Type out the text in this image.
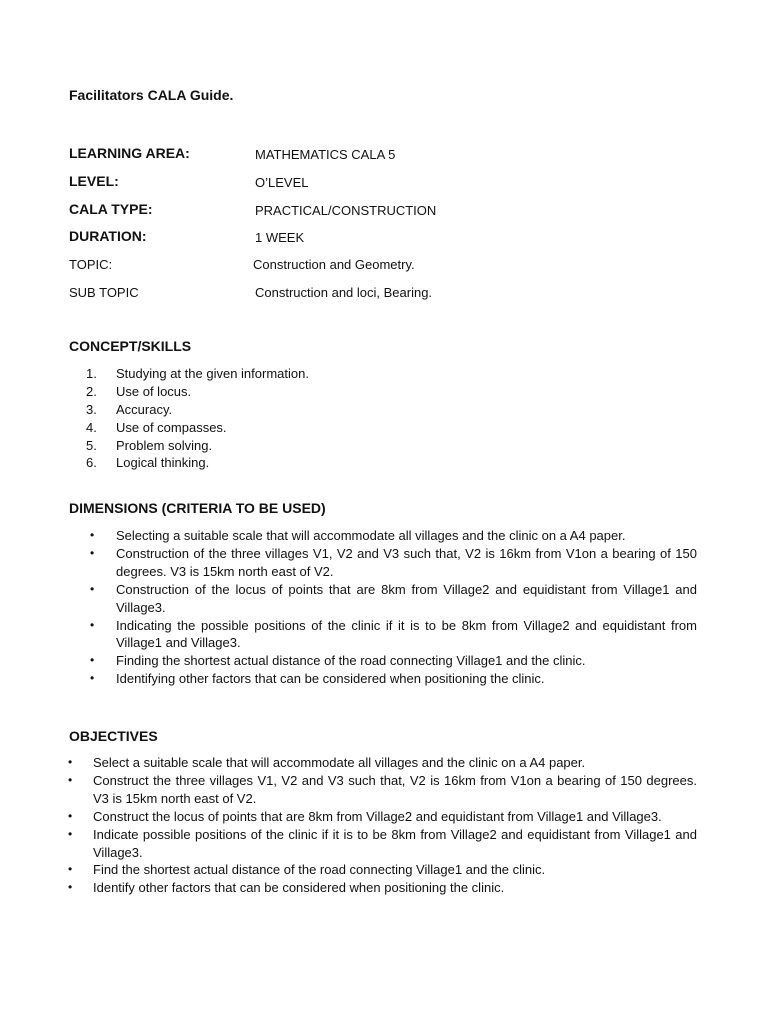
Facilitators CALA Guide.
LEARNING AREA:	MATHEMATICS CALA 5
LEVEL:	O’LEVEL
CALA TYPE:	PRACTICAL/CONSTRUCTION
DURATION:	1 WEEK
TOPIC:	Construction and Geometry.
SUB TOPIC	Construction and loci, Bearing.
CONCEPT/SKILLS
1. Studying at the given information.
2. Use of locus.
3. Accuracy.
4. Use of compasses.
5. Problem solving.
6. Logical thinking.
DIMENSIONS (CRITERIA TO BE USED)
• Selecting a suitable scale that will accommodate all villages and the clinic on a A4 paper.
• Construction of the three villages V1, V2 and V3 such that, V2 is 16km from V1on a bearing of 150 degrees. V3 is 15km north east of V2.
• Construction of the locus of points that are 8km from Village2 and equidistant from Village1 and Village3.
• Indicating the possible positions of the clinic if it is to be 8km from Village2 and equidistant from Village1 and Village3.
• Finding the shortest actual distance of the road connecting Village1 and the clinic.
• Identifying other factors that can be considered when positioning the clinic.
OBJECTIVES
• Select a suitable scale that will accommodate all villages and the clinic on a A4 paper.
• Construct the three villages V1, V2 and V3 such that, V2 is 16km from V1on a bearing of 150 degrees. V3 is 15km north east of V2.
• Construct the locus of points that are 8km from Village2 and equidistant from Village1 and Village3.
• Indicate possible positions of the clinic if it is to be 8km from Village2 and equidistant from Village1 and Village3.
• Find the shortest actual distance of the road connecting Village1 and the clinic.
• Identify other factors that can be considered when positioning the clinic.
